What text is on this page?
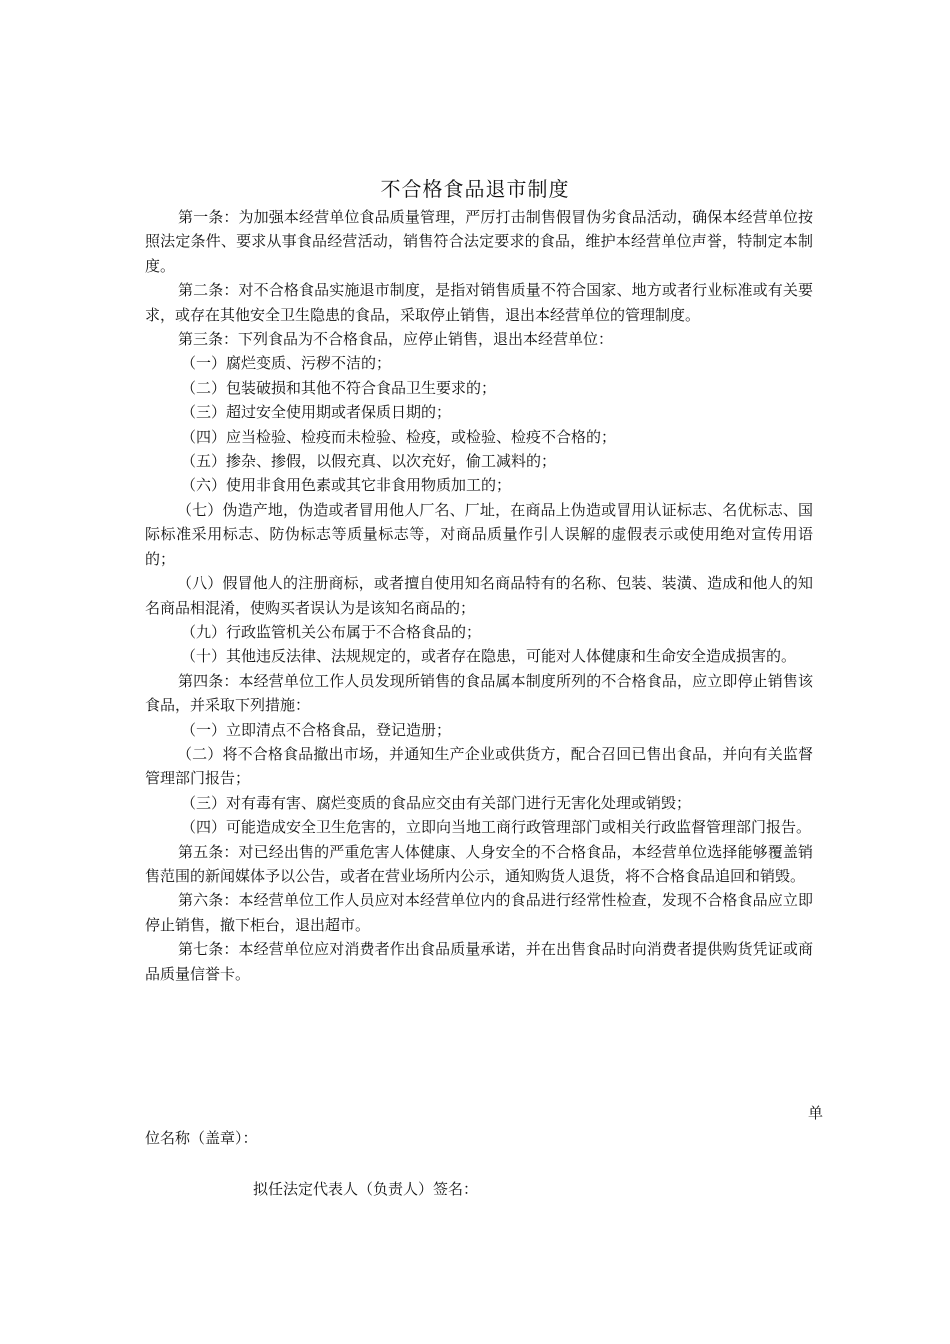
不合格食品退市制度

第一条：为加强本经营单位食品质量管理，严厉打击制售假冒伪劣食品活动，确保本经营单位按照法定条件、要求从事食品经营活动，销售符合法定要求的食品，维护本经营单位声誉，特制定本制度。

第二条：对不合格食品实施退市制度，是指对销售质量不符合国家、地方或者行业标准或有关要求，或存在其他安全卫生隐患的食品，采取停止销售，退出本经营单位的管理制度。

第三条：下列食品为不合格食品，应停止销售，退出本经营单位：

（一）腐烂变质、污秽不洁的；

（二）包装破损和其他不符合食品卫生要求的；

（三）超过安全使用期或者保质日期的；

（四）应当检验、检疫而未检验、检疫，或检验、检疫不合格的；

（五）掺杂、掺假，以假充真、以次充好，偷工减料的；

（六）使用非食用色素或其它非食用物质加工的；

（七）伪造产地，伪造或者冒用他人厂名、厂址，在商品上伪造或冒用认证标志、名优标志、国际标准采用标志、防伪标志等质量标志等，对商品质量作引人误解的虚假表示或使用绝对宣传用语的；

（八）假冒他人的注册商标，或者擅自使用知名商品特有的名称、包装、装潢、造成和他人的知名商品相混淆，使购买者误认为是该知名商品的；

（九）行政监管机关公布属于不合格食品的；

（十）其他违反法律、法规规定的，或者存在隐患，可能对人体健康和生命安全造成损害的。

第四条：本经营单位工作人员发现所销售的食品属本制度所列的不合格食品，应立即停止销售该食品，并采取下列措施：

（一）立即清点不合格食品，登记造册；

（二）将不合格食品撤出市场，并通知生产企业或供货方，配合召回已售出食品，并向有关监督管理部门报告；

（三）对有毒有害、腐烂变质的食品应交由有关部门进行无害化处理或销毁；

（四）可能造成安全卫生危害的，立即向当地工商行政管理部门或相关行政监督管理部门报告。

第五条：对已经出售的严重危害人体健康、人身安全的不合格食品，本经营单位选择能够覆盖销售范围的新闻媒体予以公告，或者在营业场所内公示，通知购货人退货，将不合格食品追回和销毁。

第六条：本经营单位工作人员应对本经营单位内的食品进行经常性检查，发现不合格食品应立即停止销售，撤下柜台，退出超市。

第七条：本经营单位应对消费者作出食品质量承诺，并在出售食品时向消费者提供购货凭证或商品质量信誉卡。

单
位名称（盖章）：
拟任法定代表人（负责人）签名：
